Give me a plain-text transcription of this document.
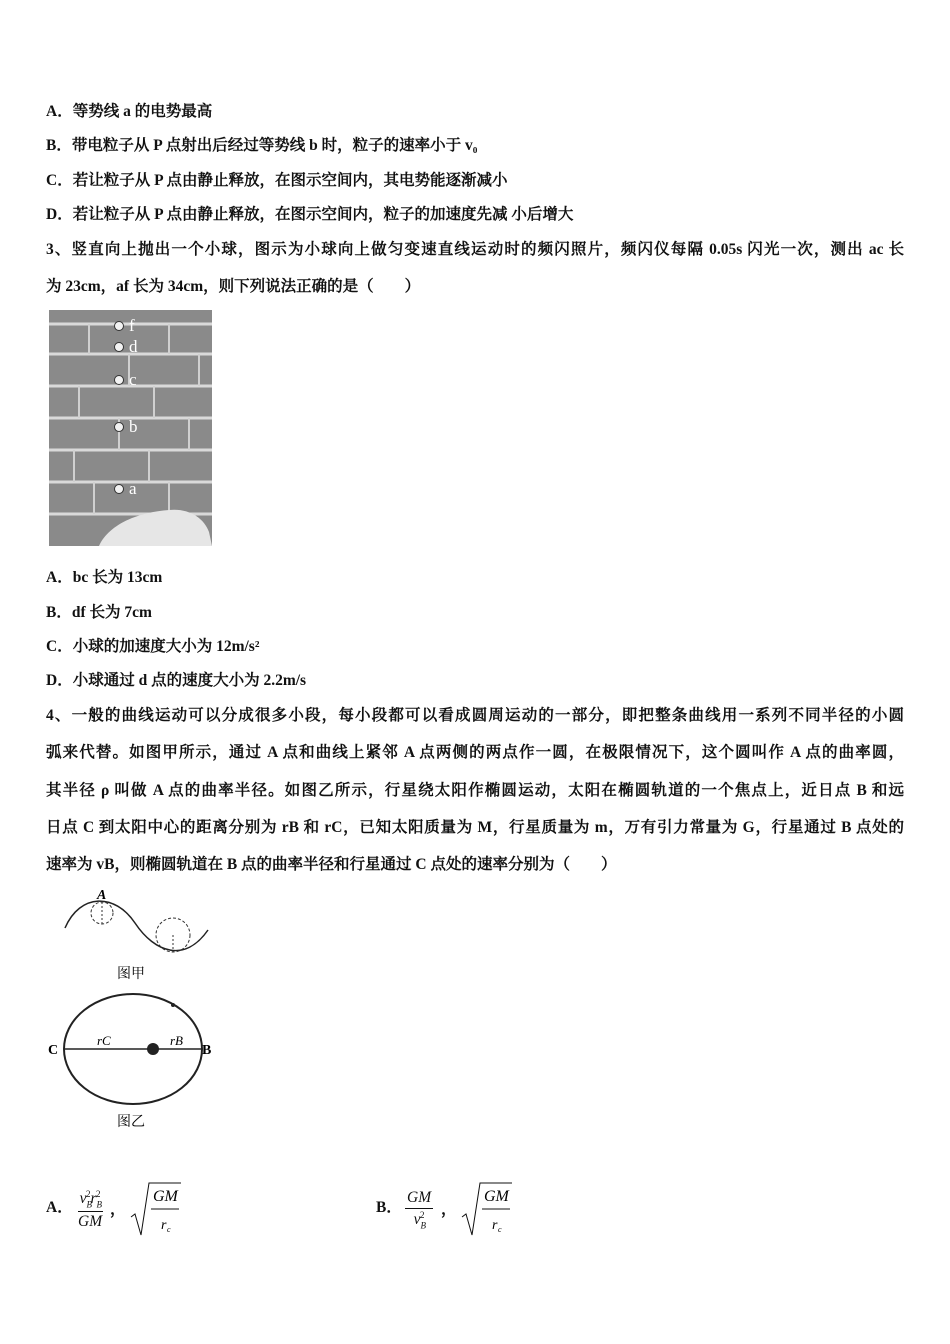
A．等势线 a 的电势最高
B．带电粒子从 P 点射出后经过等势线 b 时，粒子的速率小于 v₀
C．若让粒子从 P 点由静止释放，在图示空间内，其电势能逐渐减小
D．若让粒子从 P 点由静止释放，在图示空间内，粒子的加速度先减 小后增大
3、竖直向上抛出一个小球，图示为小球向上做匀变速直线运动时的频闪照片，频闪仪每隔 0.05s 闪光一次，测出 ac 长
为 23cm，af 长为 34cm，则下列说法正确的是（　　）
f
d
c
b
a
A．bc 长为 13cm
B．df 长为 7cm
C．小球的加速度大小为 12m/s²
D．小球通过 d 点的速度大小为 2.2m/s
4、一般的曲线运动可以分成很多小段，每小段都可以看成圆周运动的一部分，即把整条曲线用一系列不同半径的小圆
弧来代替。如图甲所示，通过 A 点和曲线上紧邻 A 点两侧的两点作一圆，在极限情况下，这个圆叫作 A 点的曲率圆，
其半径 ρ 叫做 A 点的曲率半径。如图乙所示，行星绕太阳作椭圆运动，太阳在椭圆轨道的一个焦点上，近日点 B 和远
日点 C 到太阳中心的距离分别为 rB 和 rC，已知太阳质量为 M，行星质量为 m，万有引力常量为 G，行星通过 B 点处的
速率为 vB，则椭圆轨道在 B 点的曲率半径和行星通过 C 点处的速率分别为（　　）
A
图甲
rC	rB
C	B
图乙
A． $\frac{v_B^2r_B^2}{GM}$ ，
GM
r c
B． $\frac{GM}{v_B^2}$ ，
GM
r c
